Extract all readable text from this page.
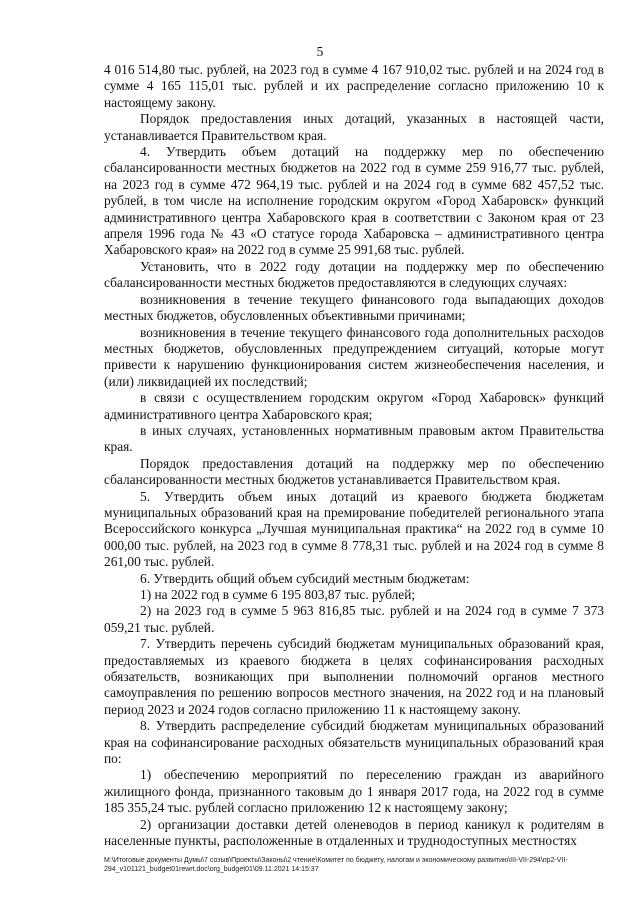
5

4 016 514,80 тыс. рублей, на 2023 год в сумме 4 167 910,02 тыс. рублей и на 2024 год в сумме 4 165 115,01 тыс. рублей и их распределение согласно приложению 10 к настоящему закону.

Порядок предоставления иных дотаций, указанных в настоящей части, устанавливается Правительством края.

4. Утвердить объем дотаций на поддержку мер по обеспечению сбалансированности местных бюджетов на 2022 год в сумме 259 916,77 тыс. рублей, на 2023 год в сумме 472 964,19 тыс. рублей и на 2024 год в сумме 682 457,52 тыс. рублей, в том числе на исполнение городским округом «Город Хабаровск» функций административного центра Хабаровского края в соответствии с Законом края от 23 апреля 1996 года № 43 «О статусе города Хабаровска – административного центра Хабаровского края» на 2022 год в сумме 25 991,68 тыс. рублей.

Установить, что в 2022 году дотации на поддержку мер по обеспечению сбалансированности местных бюджетов предоставляются в следующих случаях:

возникновения в течение текущего финансового года выпадающих доходов местных бюджетов, обусловленных объективными причинами;

возникновения в течение текущего финансового года дополнительных расходов местных бюджетов, обусловленных предупреждением ситуаций, которые могут привести к нарушению функционирования систем жизнеобеспечения населения, и (или) ликвидацией их последствий;

в связи с осуществлением городским округом «Город Хабаровск» функций административного центра Хабаровского края;

в иных случаях, установленных нормативным правовым актом Правительства края.

Порядок предоставления дотаций на поддержку мер по обеспечению сбалансированности местных бюджетов устанавливается Правительством края.

5. Утвердить объем иных дотаций из краевого бюджета бюджетам муниципальных образований края на премирование победителей регионального этапа Всероссийского конкурса „Лучшая муниципальная практика“ на 2022 год в сумме 10 000,00 тыс. рублей, на 2023 год в сумме 8 778,31 тыс. рублей и на 2024 год в сумме 8 261,00 тыс. рублей.

6. Утвердить общий объем субсидий местным бюджетам:

1) на 2022 год в сумме 6 195 803,87 тыс. рублей;

2) на 2023 год в сумме 5 963 816,85 тыс. рублей и на 2024 год в сумме 7 373 059,21 тыс. рублей.

7. Утвердить перечень субсидий бюджетам муниципальных образований края, предоставляемых из краевого бюджета в целях софинансирования расходных обязательств, возникающих при выполнении полномочий органов местного самоуправления по решению вопросов местного значения, на 2022 год и на плановый период 2023 и 2024 годов согласно приложению 11 к настоящему закону.

8. Утвердить распределение субсидий бюджетам муниципальных образований края на софинансирование расходных обязательств муниципальных образований края по:

1) обеспечению мероприятий по переселению граждан из аварийного жилищного фонда, признанного таковым до 1 января 2017 года, на 2022 год в сумме 185 355,24 тыс. рублей согласно приложению 12 к настоящему закону;

2) организации доставки детей оленеводов в период каникул к родителям в населенные пункты, расположенные в отдаленных и труднодоступных местностях

М:\Итоговые документы Думы\7 созыв\Проекты\Законы\2 чтение\Комитет по бюджету, налогам и экономическому развитию\III-VII-294\пр2-VII-
294_v101121_budget01rewrt.doc\org_budget01\09.11.2021 14:15:37
